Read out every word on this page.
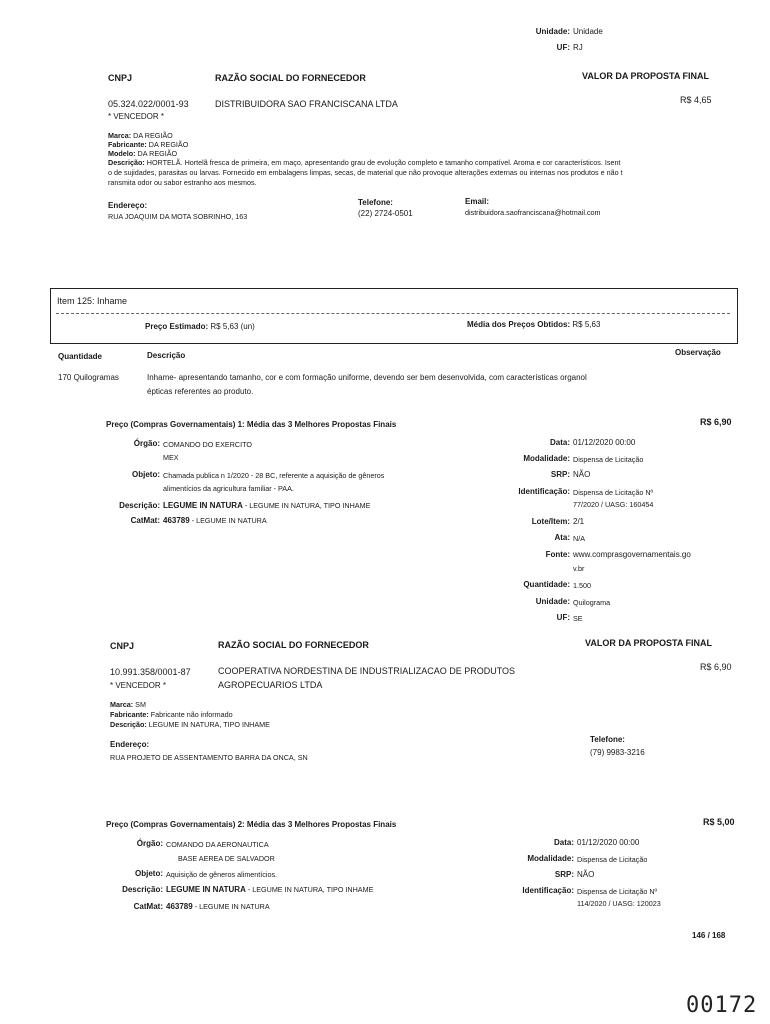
Unidade: Unidade
UF: RJ
CNPJ	RAZÃO SOCIAL DO FORNECEDOR	VALOR DA PROPOSTA FINAL
05.324.022/0001-93
* VENCEDOR *
DISTRIBUIDORA SAO FRANCISCANA LTDA	R$ 4,65
Marca: DA REGIÃO
Fabricante: DA REGIÃO
Modelo: DA REGIÃO
Descrição: HORTELÃ. Hortelã fresca de primeira, em maço, apresentando grau de evolução completo e tamanho compatível. Aroma e cor característicos. Isent
o de sujidades, parasitas ou larvas. Fornecido em embalagens limpas, secas, de material que não provoque alterações externas ou internas nos produtos e não t
ransmita odor ou sabor estranho aos mesmos.
Endereço:
RUA JOAQUIM DA MOTA SOBRINHO, 163
Telefone:
(22) 2724-0501
Email:
distribuidora.saofranciscana@hotmail.com
Item 125: Inhame
Preço Estimado: R$ 5,63 (un)	Média dos Preços Obtidos: R$ 5,63
Quantidade	Descrição	Observação
170 Quilogramas	Inhame- apresentando tamanho, cor e com formação uniforme, devendo ser bem desenvolvida, com características organol
épticas referentes ao produto.
Preço (Compras Governamentais) 1: Média das 3 Melhores Propostas Finais	R$ 6,90
Órgão: COMANDO DO EXERCITO
MEX
Objeto: Chamada publica n 1/2020 - 28 BC, referente a aquisição de gêneros
alimentícios da agricultura familiar - PAA.
Descrição: LEGUME IN NATURA - LEGUME IN NATURA, TIPO INHAME
CatMat: 463789 - LEGUME IN NATURA
Data: 01/12/2020 00:00
Modalidade: Dispensa de Licitação
SRP: NÃO
Identificação: Dispensa de Licitação Nº
77/2020 / UASG: 160454
Lote/Item: 2/1
Ata: N/A
Fonte: www.comprasgovernamentais.go
v.br
Quantidade: 1.500
Unidade: Quilograma
UF: SE
CNPJ	RAZÃO SOCIAL DO FORNECEDOR	VALOR DA PROPOSTA FINAL
10.991.358/0001-87
* VENCEDOR *
COOPERATIVA NORDESTINA DE INDUSTRIALIZACAO DE PRODUTOS
AGROPECUARIOS LTDA
R$ 6,90
Marca: SM
Fabricante: Fabricante não informado
Descrição: LEGUME IN NATURA, TIPO INHAME
Endereço:
RUA PROJETO DE ASSENTAMENTO BARRA DA ONCA, SN
Telefone:
(79) 9983-3216
Preço (Compras Governamentais) 2: Média das 3 Melhores Propostas Finais	R$ 5,00
Órgão: COMANDO DA AERONAUTICA
BASE AEREA DE SALVADOR
Objeto: Aquisição de gêneros alimentícios.
Descrição: LEGUME IN NATURA - LEGUME IN NATURA, TIPO INHAME
CatMat: 463789 - LEGUME IN NATURA
Data: 01/12/2020 00:00
Modalidade: Dispensa de Licitação
SRP: NÃO
Identificação: Dispensa de Licitação Nº
114/2020 / UASG: 120023
146 / 168
00172
